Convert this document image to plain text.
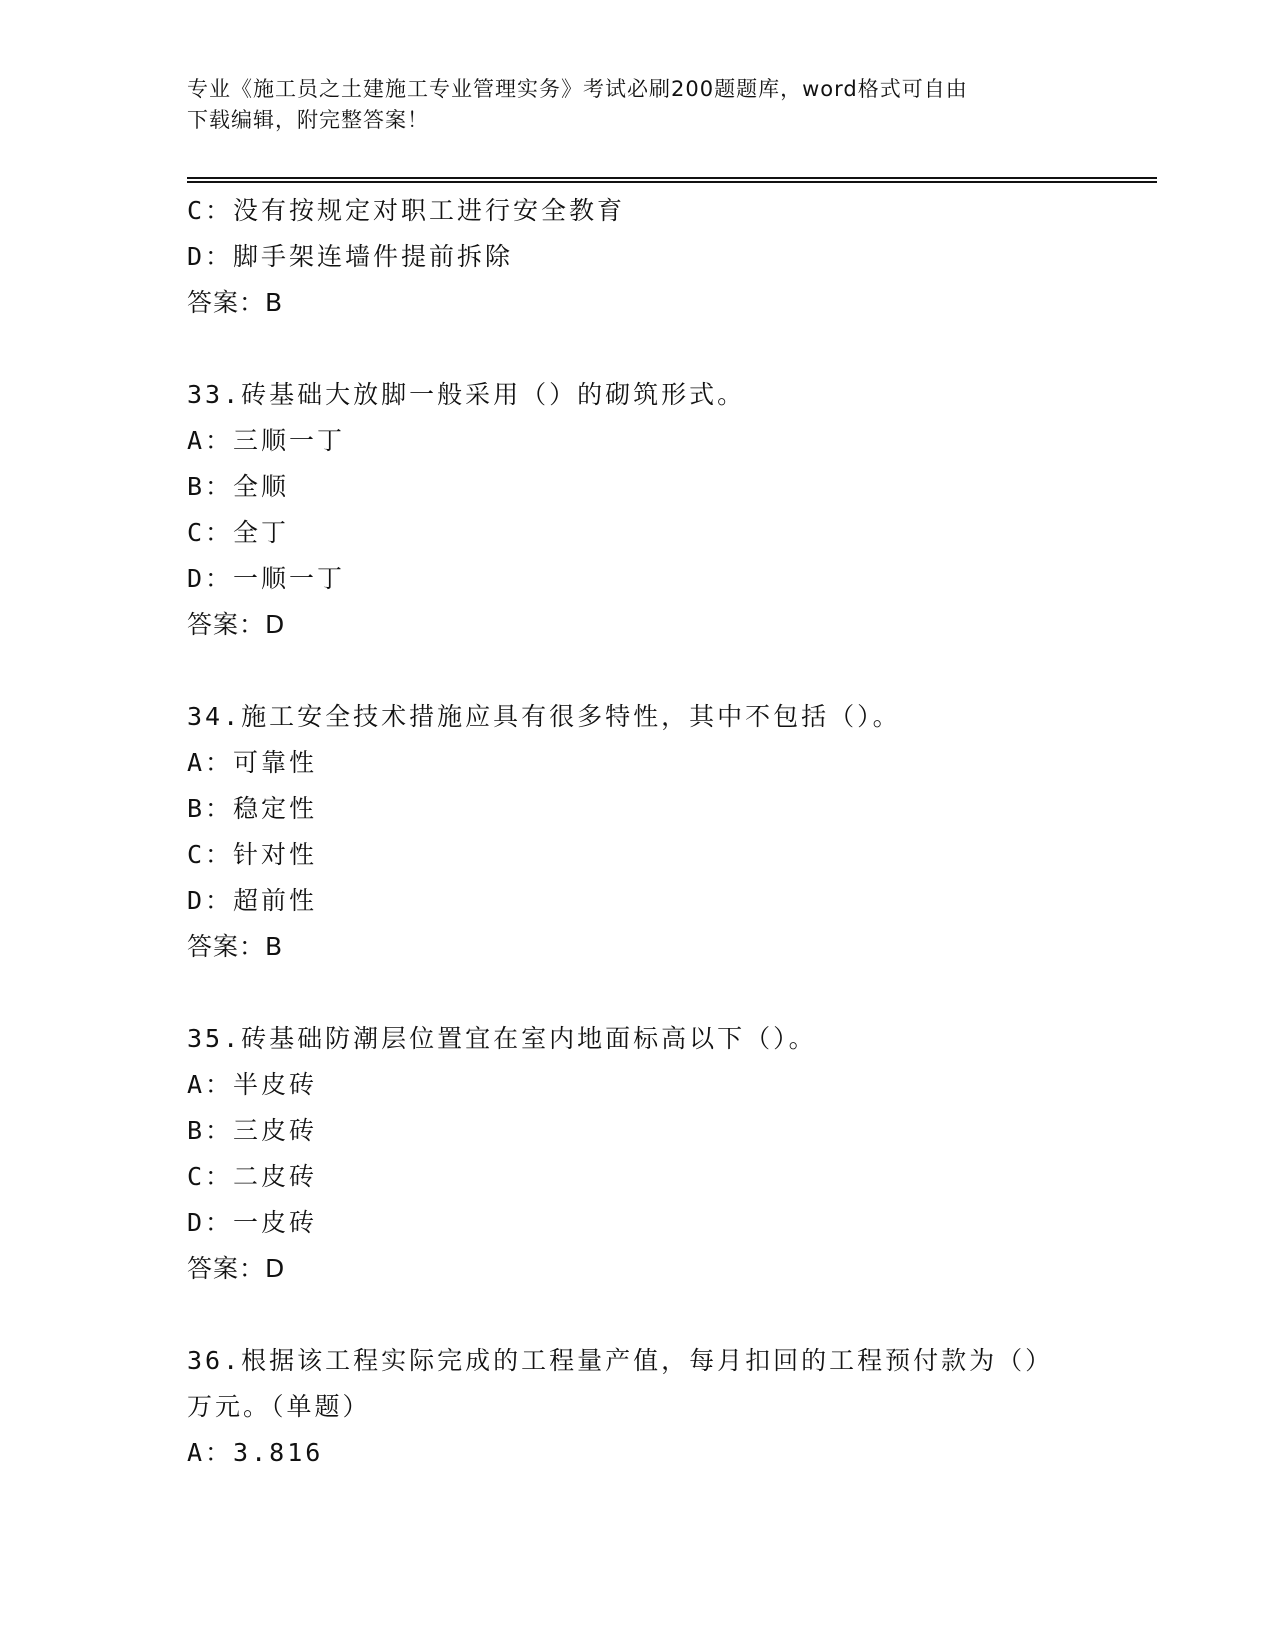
专业《施工员之土建施工专业管理实务》考试必刷200题题库，word格式可自由
下载编辑，附完整答案！
C：没有按规定对职工进行安全教育
D：脚手架连墙件提前拆除
答案：B
33.砖基础大放脚一般采用（）的砌筑形式。
A：三顺一丁
B：全顺
C：全丁
D：一顺一丁
答案：D
34.施工安全技术措施应具有很多特性，其中不包括（）。
A：可靠性
B：稳定性
C：针对性
D：超前性
答案：B
35.砖基础防潮层位置宜在室内地面标高以下（）。
A：半皮砖
B：三皮砖
C：二皮砖
D：一皮砖
答案：D
36.根据该工程实际完成的工程量产值，每月扣回的工程预付款为（）
万元。（单题）
A：3.816
